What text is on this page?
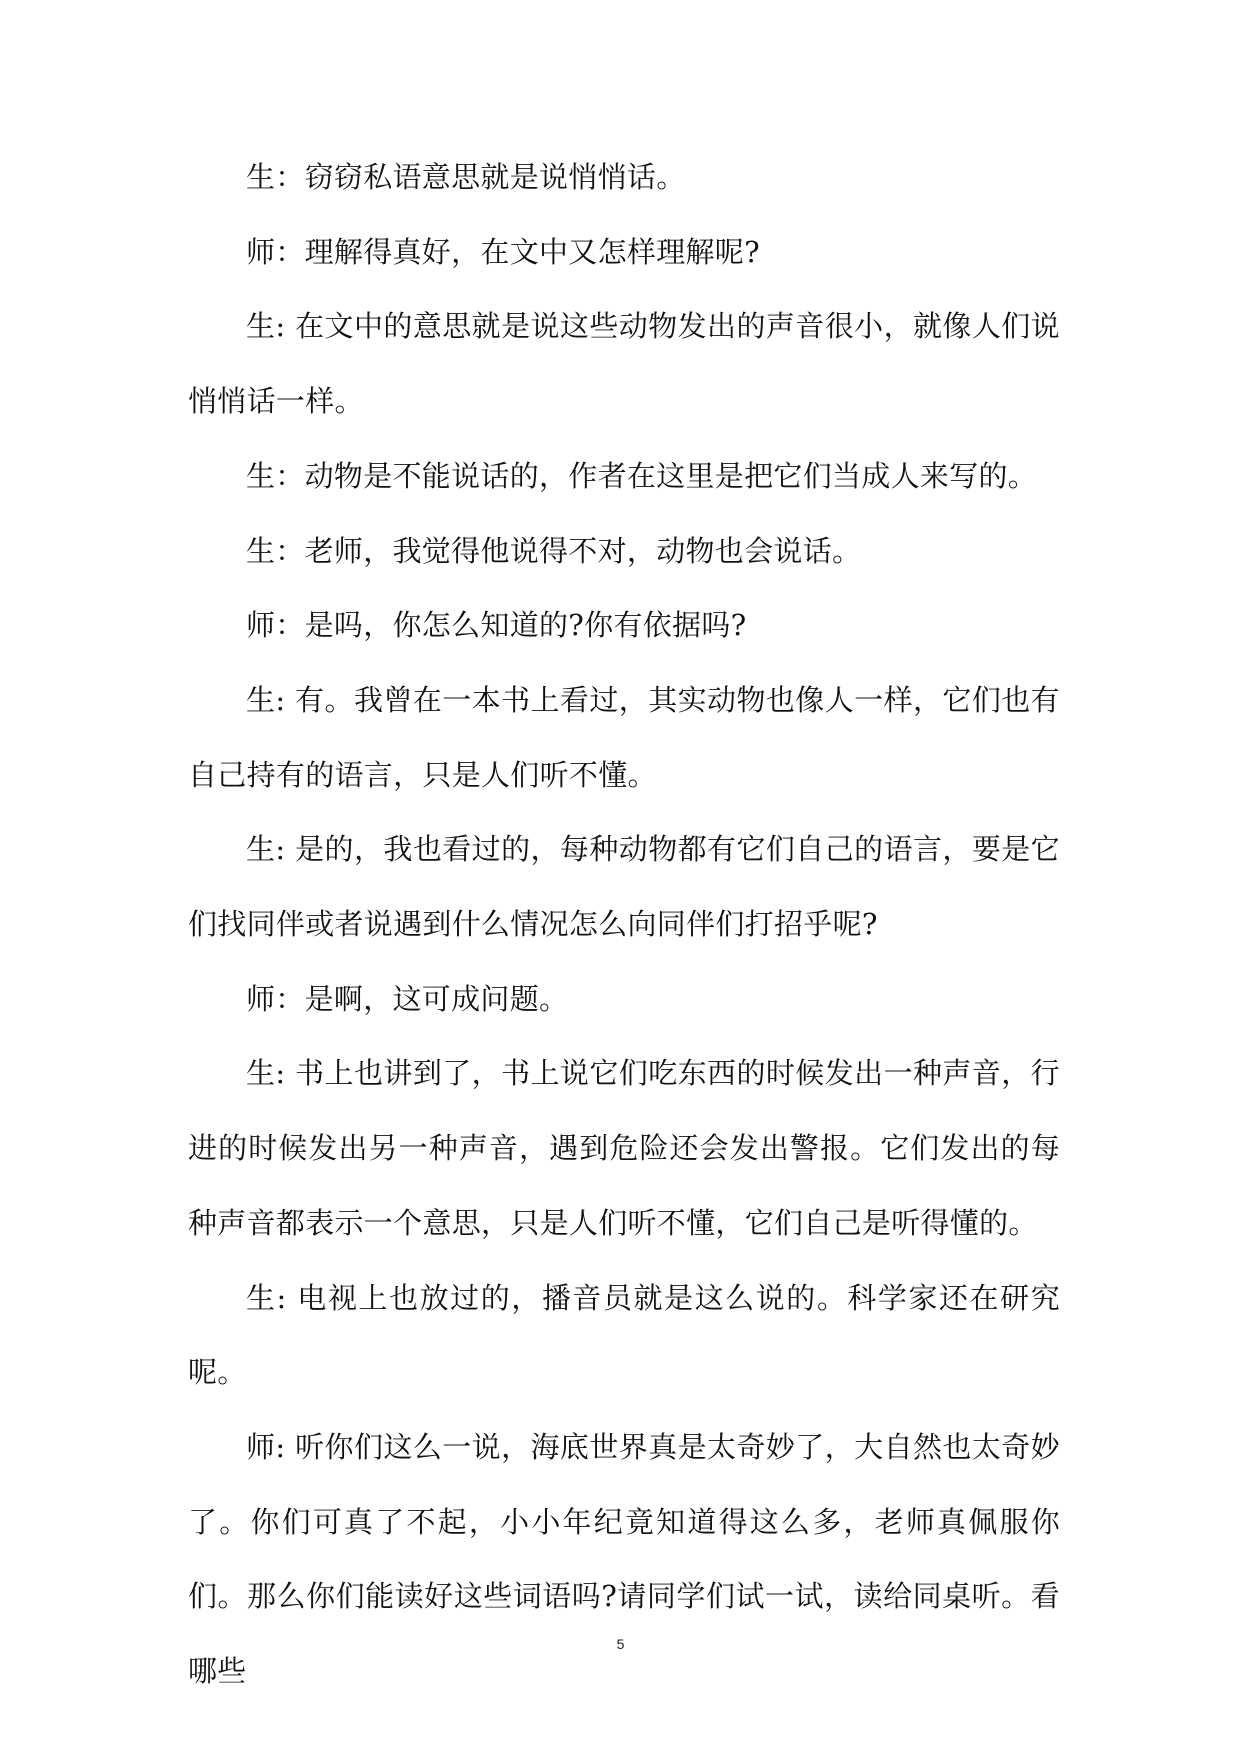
生：窃窃私语意思就是说悄悄话。

师：理解得真好，在文中又怎样理解呢?

生: 在文中的意思就是说这些动物发出的声音很小，就像人们说悄悄话一样。

生：动物是不能说话的，作者在这里是把它们当成人来写的。

生：老师，我觉得他说得不对，动物也会说话。

师：是吗，你怎么知道的?你有依据吗?

生: 有。我曾在一本书上看过，其实动物也像人一样，它们也有自己持有的语言，只是人们听不懂。

生: 是的，我也看过的，每种动物都有它们自己的语言，要是它们找同伴或者说遇到什么情况怎么向同伴们打招乎呢?

师：是啊，这可成问题。

生: 书上也讲到了，书上说它们吃东西的时候发出一种声音，行进的时候发出另一种声音，遇到危险还会发出警报。它们发出的每种声音都表示一个意思，只是人们听不懂，它们自己是听得懂的。

生: 电视上也放过的，播音员就是这么说的。科学家还在研究呢。

师: 听你们这么一说，海底世界真是太奇妙了，大自然也太奇妙了。你们可真了不起，小小年纪竟知道得这么多，老师真佩服你们。那么你们能读好这些词语吗?请同学们试一试，读给同桌听。看哪些

5
